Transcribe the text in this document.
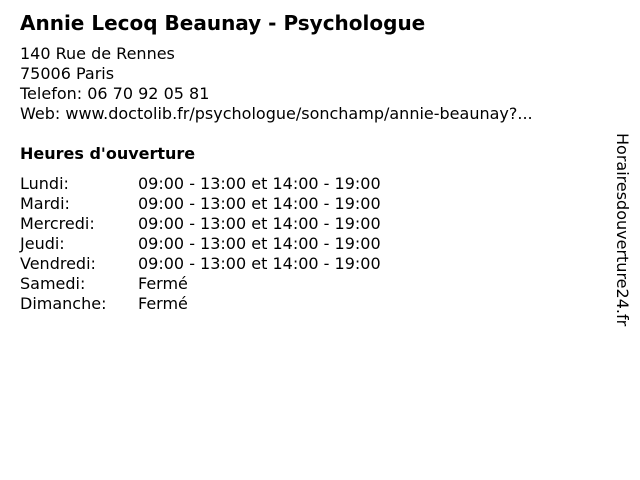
Annie Lecoq Beaunay - Psychologue
140 Rue de Rennes
75006 Paris
Telefon: 06 70 92 05 81
Web: www.doctolib.fr/psychologue/sonchamp/annie-beaunay?...
Heures d'ouverture
Lundi:	09:00 - 13:00 et 14:00 - 19:00
Mardi:	09:00 - 13:00 et 14:00 - 19:00
Mercredi:	09:00 - 13:00 et 14:00 - 19:00
Jeudi:	09:00 - 13:00 et 14:00 - 19:00
Vendredi:	09:00 - 13:00 et 14:00 - 19:00
Samedi:	Fermé
Dimanche:	Fermé	Horairesdouverture24.fr
